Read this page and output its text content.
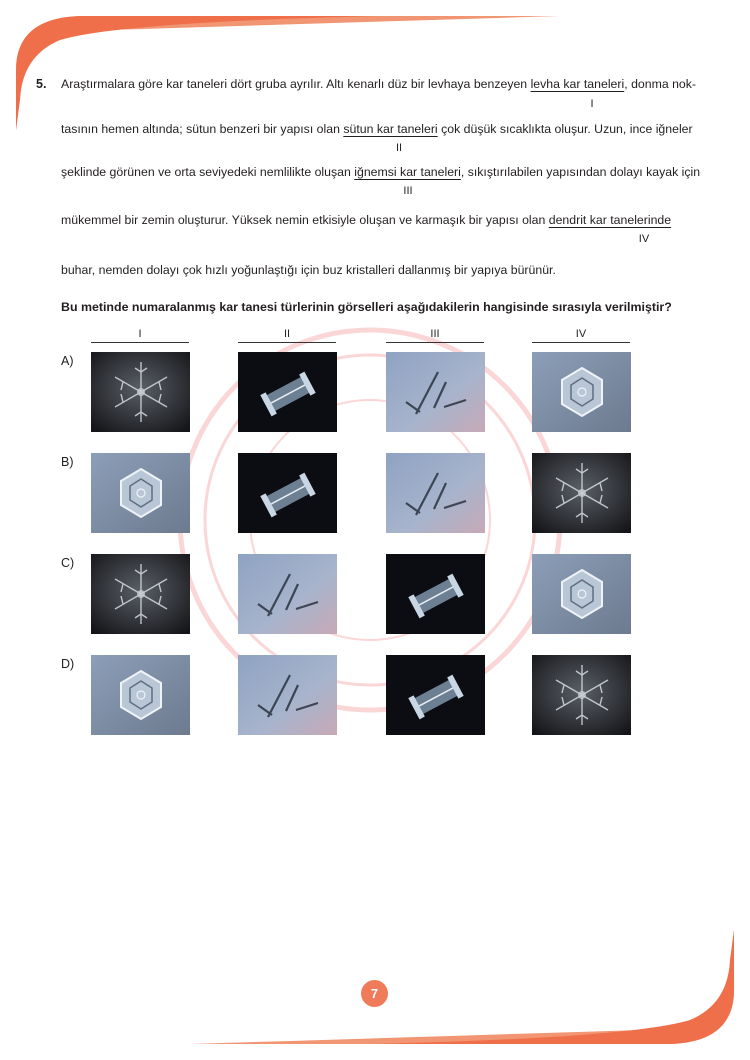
5. Araştırmalara göre kar taneleri dört gruba ayrılır. Altı kenarlı düz bir levhaya benzeyen levha kar taneleri, donma nok-
I
tasının hemen altında; sütun benzeri bir yapısı olan sütun kar taneleri çok düşük sıcaklıkta oluşur. Uzun, ince iğneler
II
şeklinde görünen ve orta seviyedeki nemlilikte oluşan iğnemsi kar taneleri, sıkıştırılabilen yapısından dolayı kayak için
III
mükemmel bir zemin oluşturur. Yüksek nemin etkisiyle oluşan ve karmaşık bir yapısı olan dendrit kar tanelerinde
IV
buhar, nemden dolayı çok hızlı yoğunlaştığı için buz kristalleri dallanmış bir yapıya bürünür.
Bu metinde numaralanmış kar tanesi türlerinin görselleri aşağıdakilerin hangisinde sırasıyla verilmiştir?
I	II	III	IV
A)
B)
C)
D)
7
